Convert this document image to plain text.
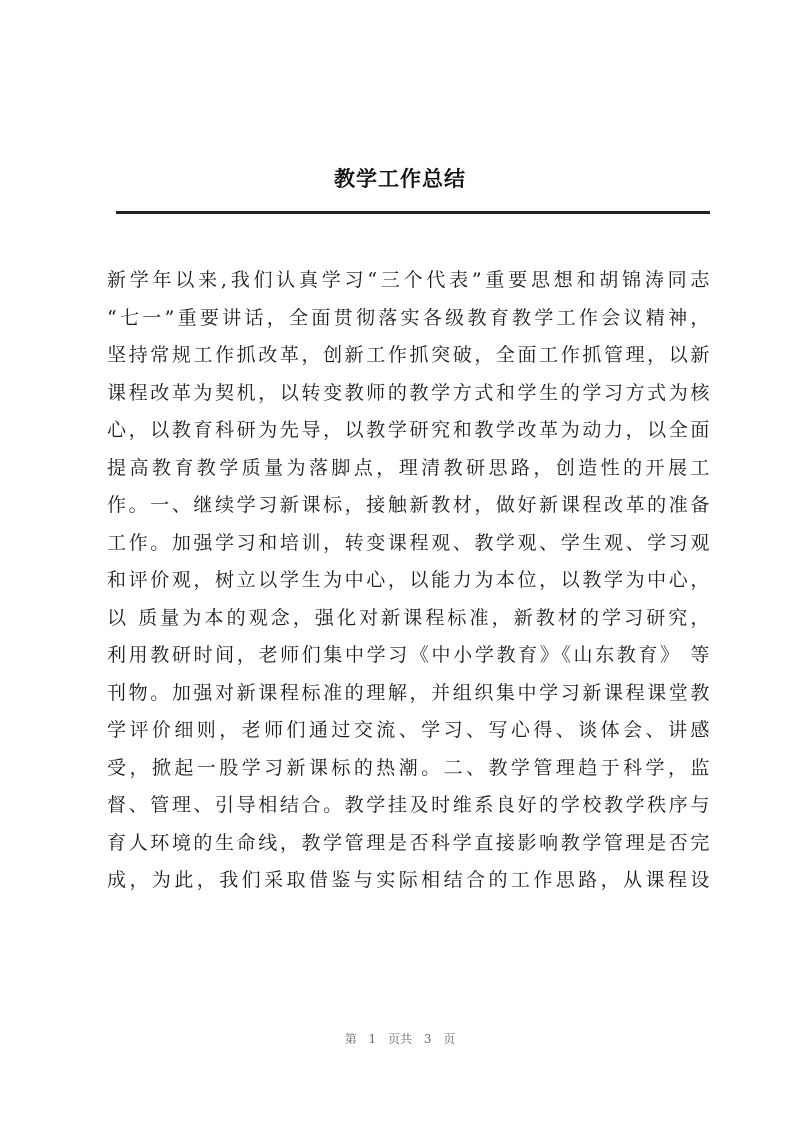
教学工作总结
新学年以来,我们认真学习“三个代表”重要思想和胡锦涛同志
“七一”重要讲话，全面贯彻落实各级教育教学工作会议精神，
坚持常规工作抓改革，创新工作抓突破，全面工作抓管理，以新
课程改革为契机，以转变教师的教学方式和学生的学习方式为核
心，以教育科研为先导，以教学研究和教学改革为动力，以全面
提高教育教学质量为落脚点，理清教研思路，创造性的开展工
作。一、继续学习新课标，接触新教材，做好新课程改革的准备
工作。加强学习和培训，转变课程观、教学观、学生观、学习观
和评价观，树立以学生为中心，以能力为本位，以教学为中心，
以 质量为本的观念，强化对新课程标准，新教材的学习研究，
利用教研时间，老师们集中学习《中小学教育》《山东教育》 等
刊物。加强对新课程标准的理解，并组织集中学习新课程课堂教
学评价细则，老师们通过交流、学习、写心得、谈体会、讲感
受，掀起一股学习新课标的热潮。二、教学管理趋于科学，监
督、管理、引导相结合。教学挂及时维系良好的学校教学秩序与
育人环境的生命线，教学管理是否科学直接影响教学管理是否完
成，为此，我们采取借鉴与实际相结合的工作思路，从课程设
第 1 页共 3 页
